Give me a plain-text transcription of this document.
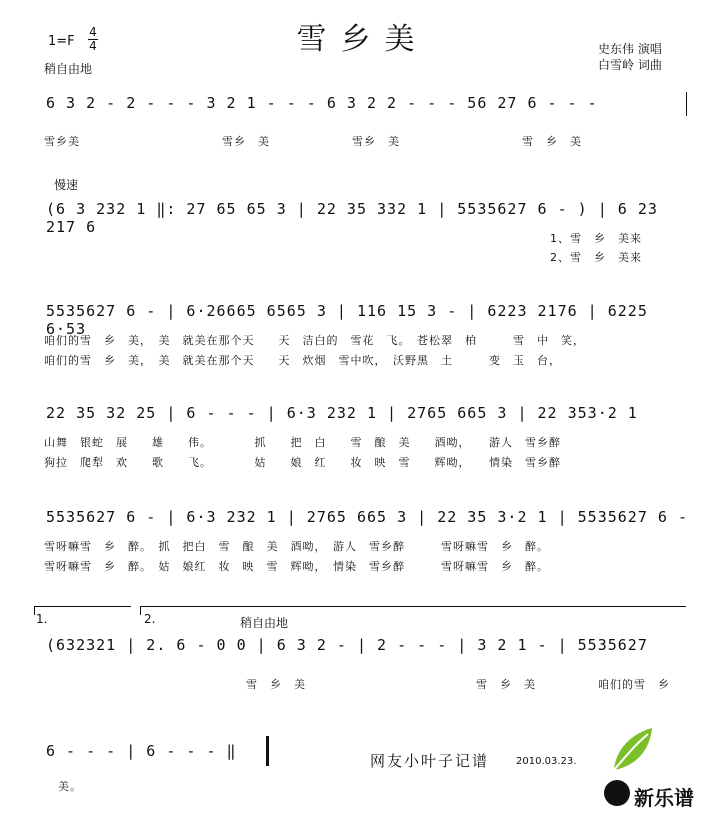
雪乡美
1=F
4
4
稍自由地
史东伟 演唱
白雪岭 词曲
6 3 2 - 2 - - - 3 2 1 - - - 6 3 2 2 - - - 56 27 6 - - -
雪乡美	雪乡　美	雪乡　美	雪　乡　美
慢速
(6 3 232 1 ‖: 27 65 65 3 | 22 35 332 1 | 5535627 6 - ) | 6 23 217 6
1、雪　乡　美来
2、雪　乡　美来
5535627 6 - | 6·26665 6565 3 | 116 15 3 - | 6223 2176 | 6225 6·53
咱们的雪　乡　美，　美　就美在那个天　　天　洁白的　雪花　飞。　苍松翠　柏　　　雪　中　笑，
咱们的雪　乡　美，　美　就美在那个天　　天　炊烟　雪中吹，　沃野黑　土　　　变　玉　台，
22 35 32 25 | 6 - - - | 6·3 232 1 | 2765 665 3 | 22 353·2 1
山舞　银蛇　展　　雄　　伟。　　　　抓　　把　白　　雪　酿　美　　酒呦，　　游人　雪乡醉
狗拉　爬犁　欢　　歌　　飞。　　　　姑　　娘　红　　妆　映　雪　　辉呦，　　情染　雪乡醉
5535627 6 - | 6·3 232 1 | 2765 665 3 | 22 35 3·2 1 | 5535627 6 -
雪呀嘛雪　乡　醉。　抓　把白　雪　酿　美　酒呦，　游人　雪乡醉　　　雪呀嘛雪　乡　醉。
雪呀嘛雪　乡　醉。　姑　娘红　妆　映　雪　辉呦，　情染　雪乡醉　　　雪呀嘛雪　乡　醉。
1.	2.	稍自由地
(632321 | 2. 6 - 0 0 | 6 3 2 - | 2 - - - | 3 2 1 - | 5535627
雪　乡　美	雪　乡　美	咱们的雪　乡
6 - - - | 6 - - - ‖
美。
网友小叶子记谱	2010.03.23.
新乐谱
